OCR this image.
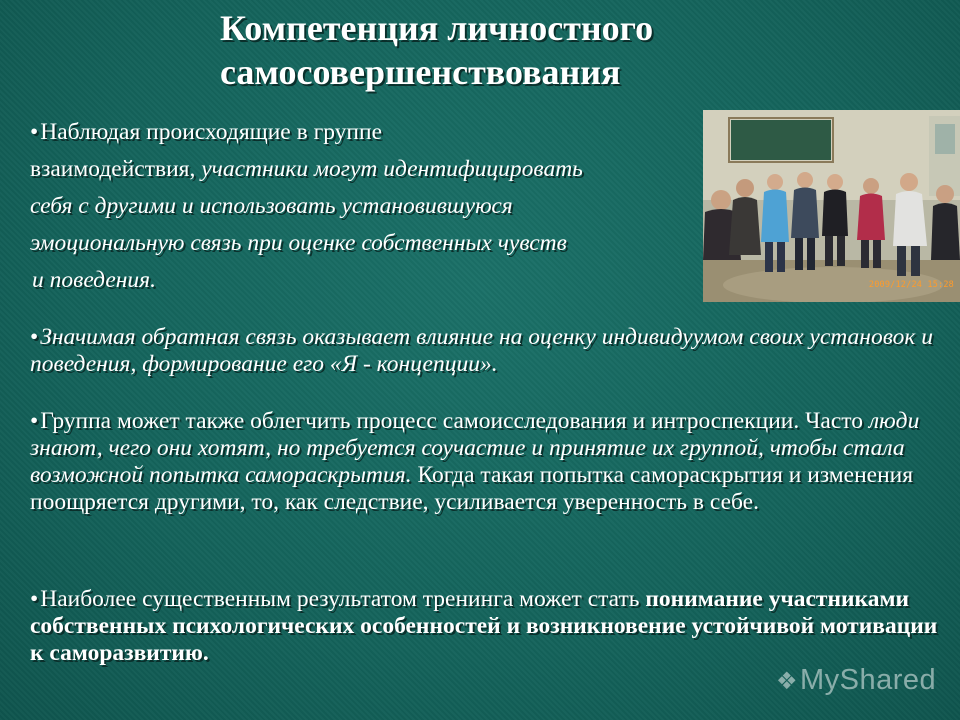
Компетенция личностного
самосовершенствования
•Наблюдая происходящие в группе
взаимодействия, участники могут идентифицировать
себя с другими и использовать установившуюся
эмоциональную связь при оценке собственных чувств
и поведения.	2009/12/24 15:28
•Значимая обратная связь оказывает влияние на оценку индивидуумом своих установок и поведения, формирование его «Я - концепции».
•Группа может также облегчить процесс самоисследования и интроспекции. Часто люди знают, чего они хотят, но требуется соучастие и принятие их группой, чтобы стала возможной попытка самораскрытия. Когда такая попытка самораскрытия и изменения поощряется другими, то, как следствие, усиливается уверенность в себе.
•Наиболее существенным результатом тренинга может стать понимание участниками собственных психологических особенностей и возникновение устойчивой мотивации к саморазвитию.
❖MyShared
